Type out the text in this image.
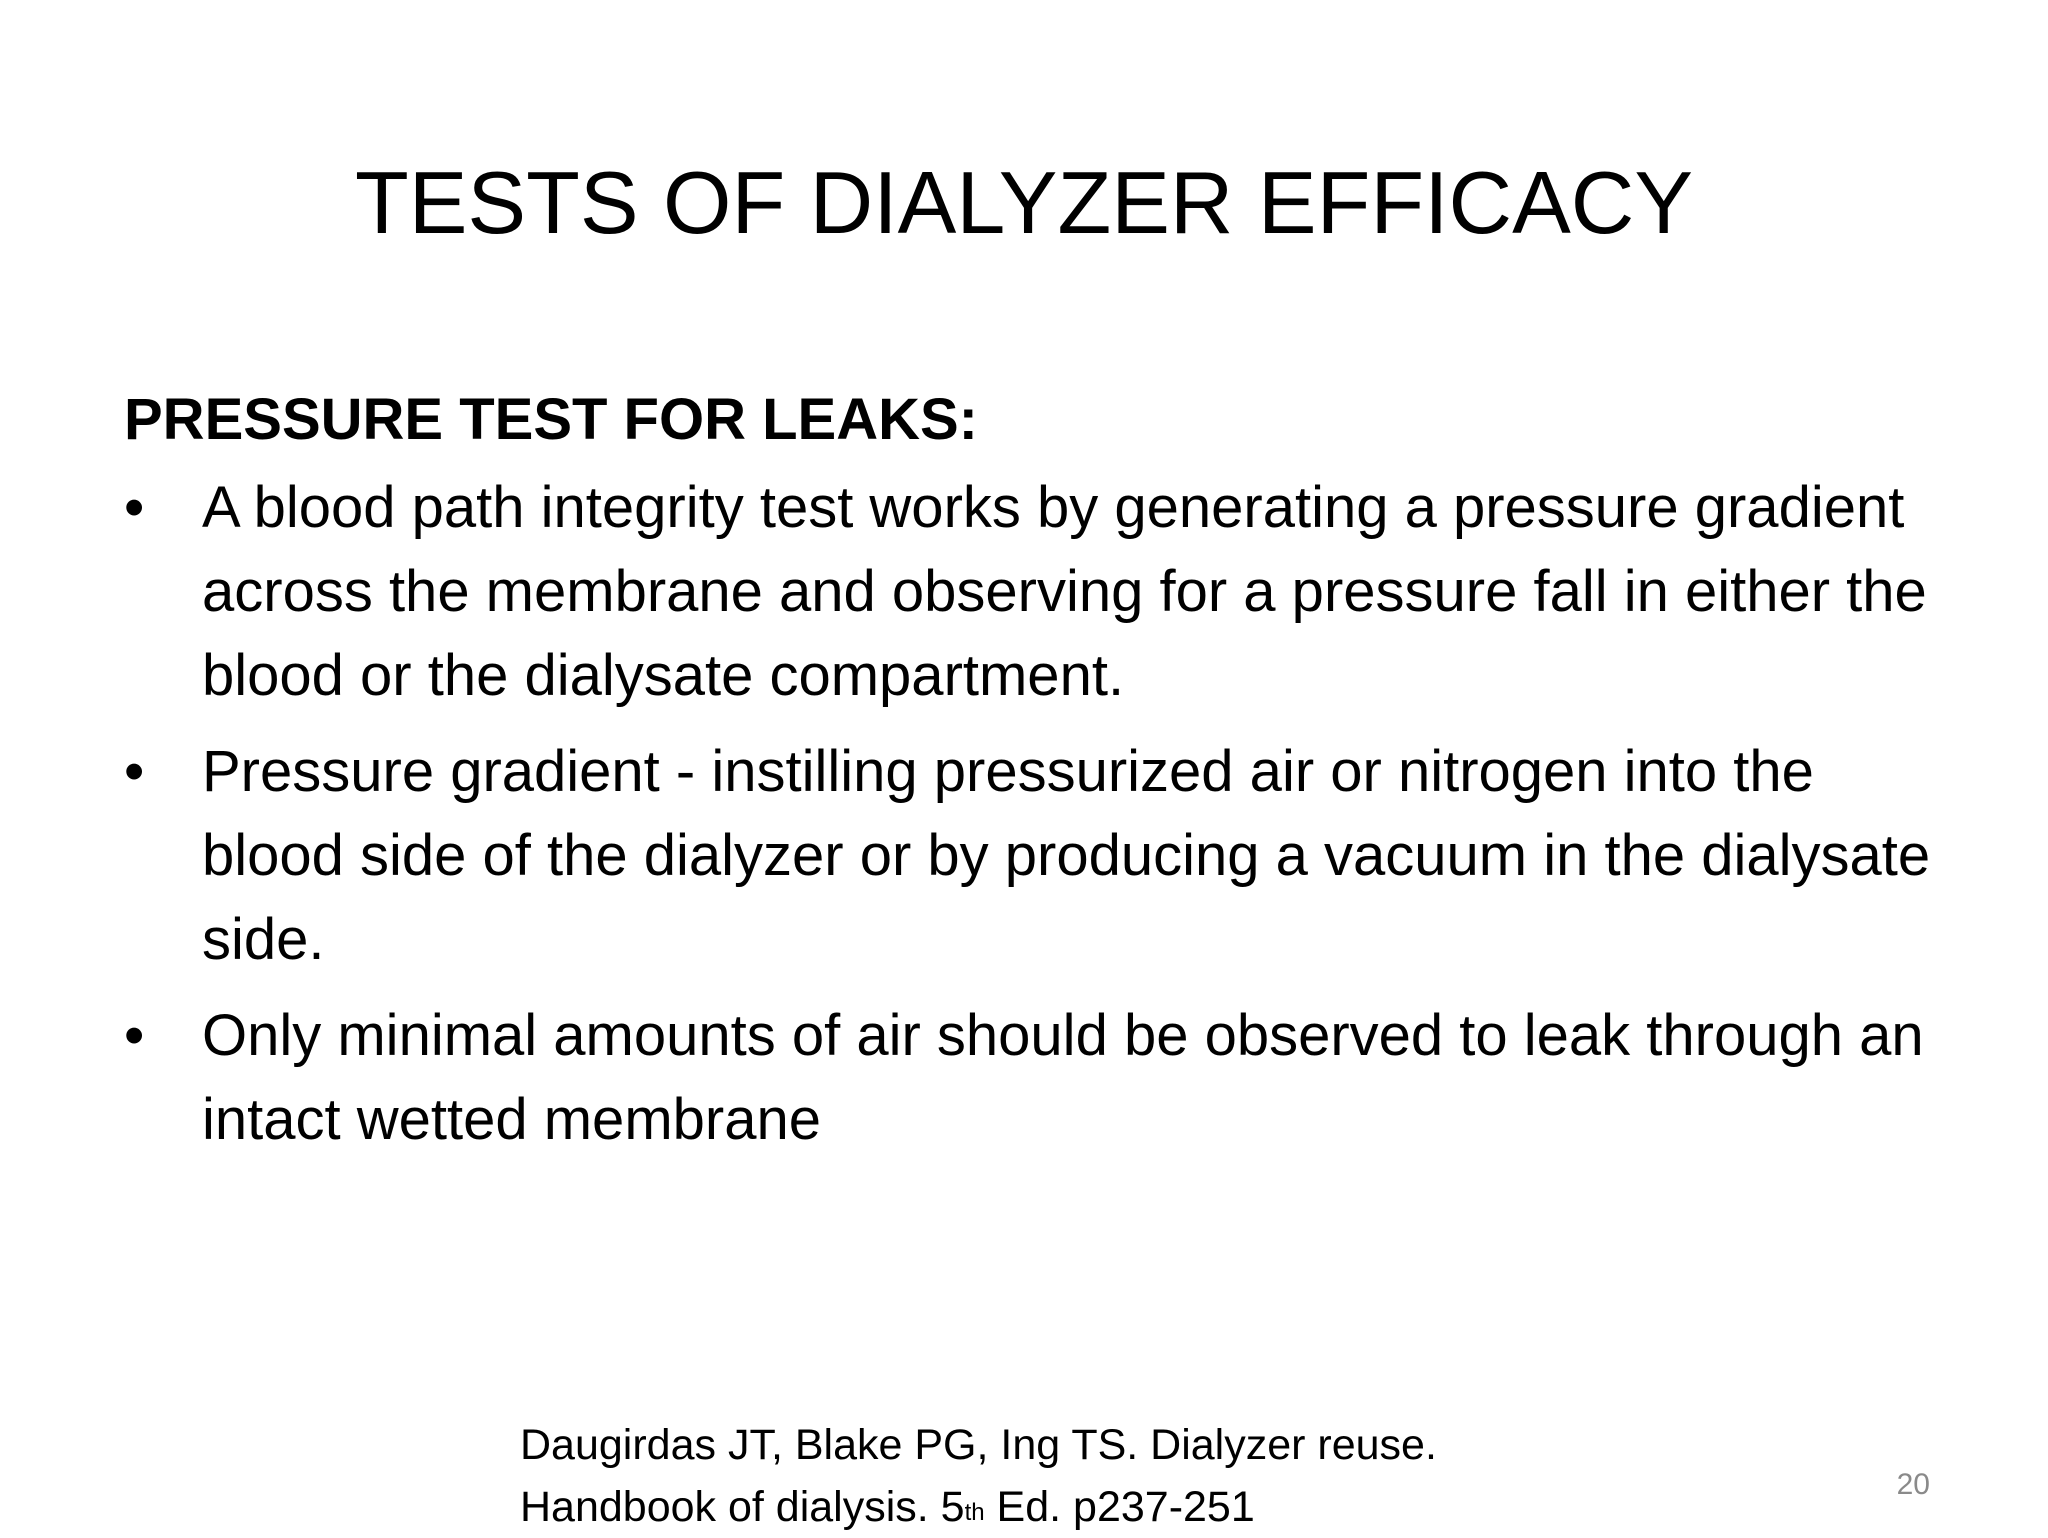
TESTS OF DIALYZER EFFICACY
PRESSURE TEST FOR LEAKS:
• A blood path integrity test works by generating a pressure gradient across the membrane and observing for a pressure fall in either the blood or the dialysate compartment.
• Pressure gradient - instilling pressurized air or nitrogen into the blood side of the dialyzer or by producing a vacuum in the dialysate side.
• Only minimal amounts of air should be observed to leak through an intact wetted membrane
Daugirdas JT, Blake PG, Ing TS. Dialyzer reuse.
Handbook of dialysis. 5th Ed. p237-251	20
